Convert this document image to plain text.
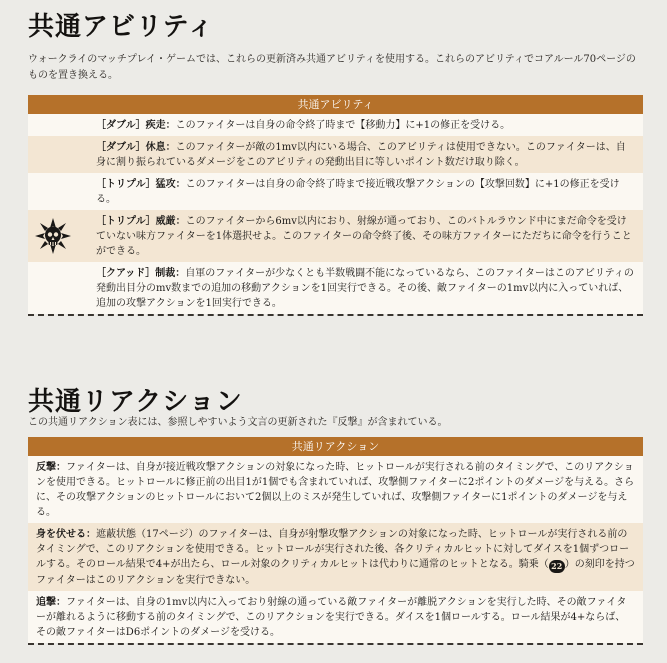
共通アビリティ
ウォークライのマッチプレイ・ゲームでは、これらの更新済み共通アビリティを使用する。これらのアビリティでコアルール70ページのものを置き換える。
共通アビリティ
［ダブル］疾走：このファイターは自身の命令終了時まで【移動力】に+1の修正を受ける。
［ダブル］休息：このファイターが敵の1mv以内にいる場合、このアビリティは使用できない。このファイターは、自身に割り振られているダメージをこのアビリティの発動出目に等しいポイント数だけ取り除く。
［トリプル］猛攻：このファイターは自身の命令終了時まで接近戦攻撃アクションの【攻撃回数】に+1の修正を受ける。
［トリプル］威厳：このファイターから6mv以内におり、射線が通っており、このバトルラウンド中にまだ命令を受けていない味方ファイターを1体選択せよ。このファイターの命令終了後、その味方ファイターにただちに命令を行うことができる。
［クアッド］制裁：自軍のファイターが少なくとも半数戦闘不能になっているなら、このファイターはこのアビリティの発動出目分のmv数までの追加の移動アクションを1回実行できる。その後、敵ファイターの1mv以内に入っていれば、追加の攻撃アクションを1回実行できる。
共通リアクション
この共通リアクション表には、参照しやすいよう文言の更新された『反撃』が含まれている。
共通リアクション
反撃：ファイターは、自身が接近戦攻撃アクションの対象になった時、ヒットロールが実行される前のタイミングで、このリアクションを使用できる。ヒットロールに修正前の出目1が1個でも含まれていれば、攻撃側ファイターに2ポイントのダメージを与える。さらに、その攻撃アクションのヒットロールにおいて2個以上のミスが発生していれば、攻撃側ファイターに1ポイントのダメージを与える。
身を伏せる：遮蔽状態（17ページ）のファイターは、自身が射撃攻撃アクションの対象になった時、ヒットロールが実行される前のタイミングで、このリアクションを使用できる。ヒットロールが実行された後、各クリティカルヒットに対してダイスを1個ずつロールする。そのロール結果で4+が出たら、ロール対象のクリティカルヒットは代わりに通常のヒットとなる。騎乗（ 22 ）の刻印を持つファイターはこのリアクションを実行できない。
追撃：ファイターは、自身の1mv以内に入っており射線の通っている敵ファイターが離脱アクションを実行した時、その敵ファイターが離れるように移動する前のタイミングで、このリアクションを実行できる。ダイスを1個ロールする。ロール結果が4+ならば、その敵ファイターはD6ポイントのダメージを受ける。
